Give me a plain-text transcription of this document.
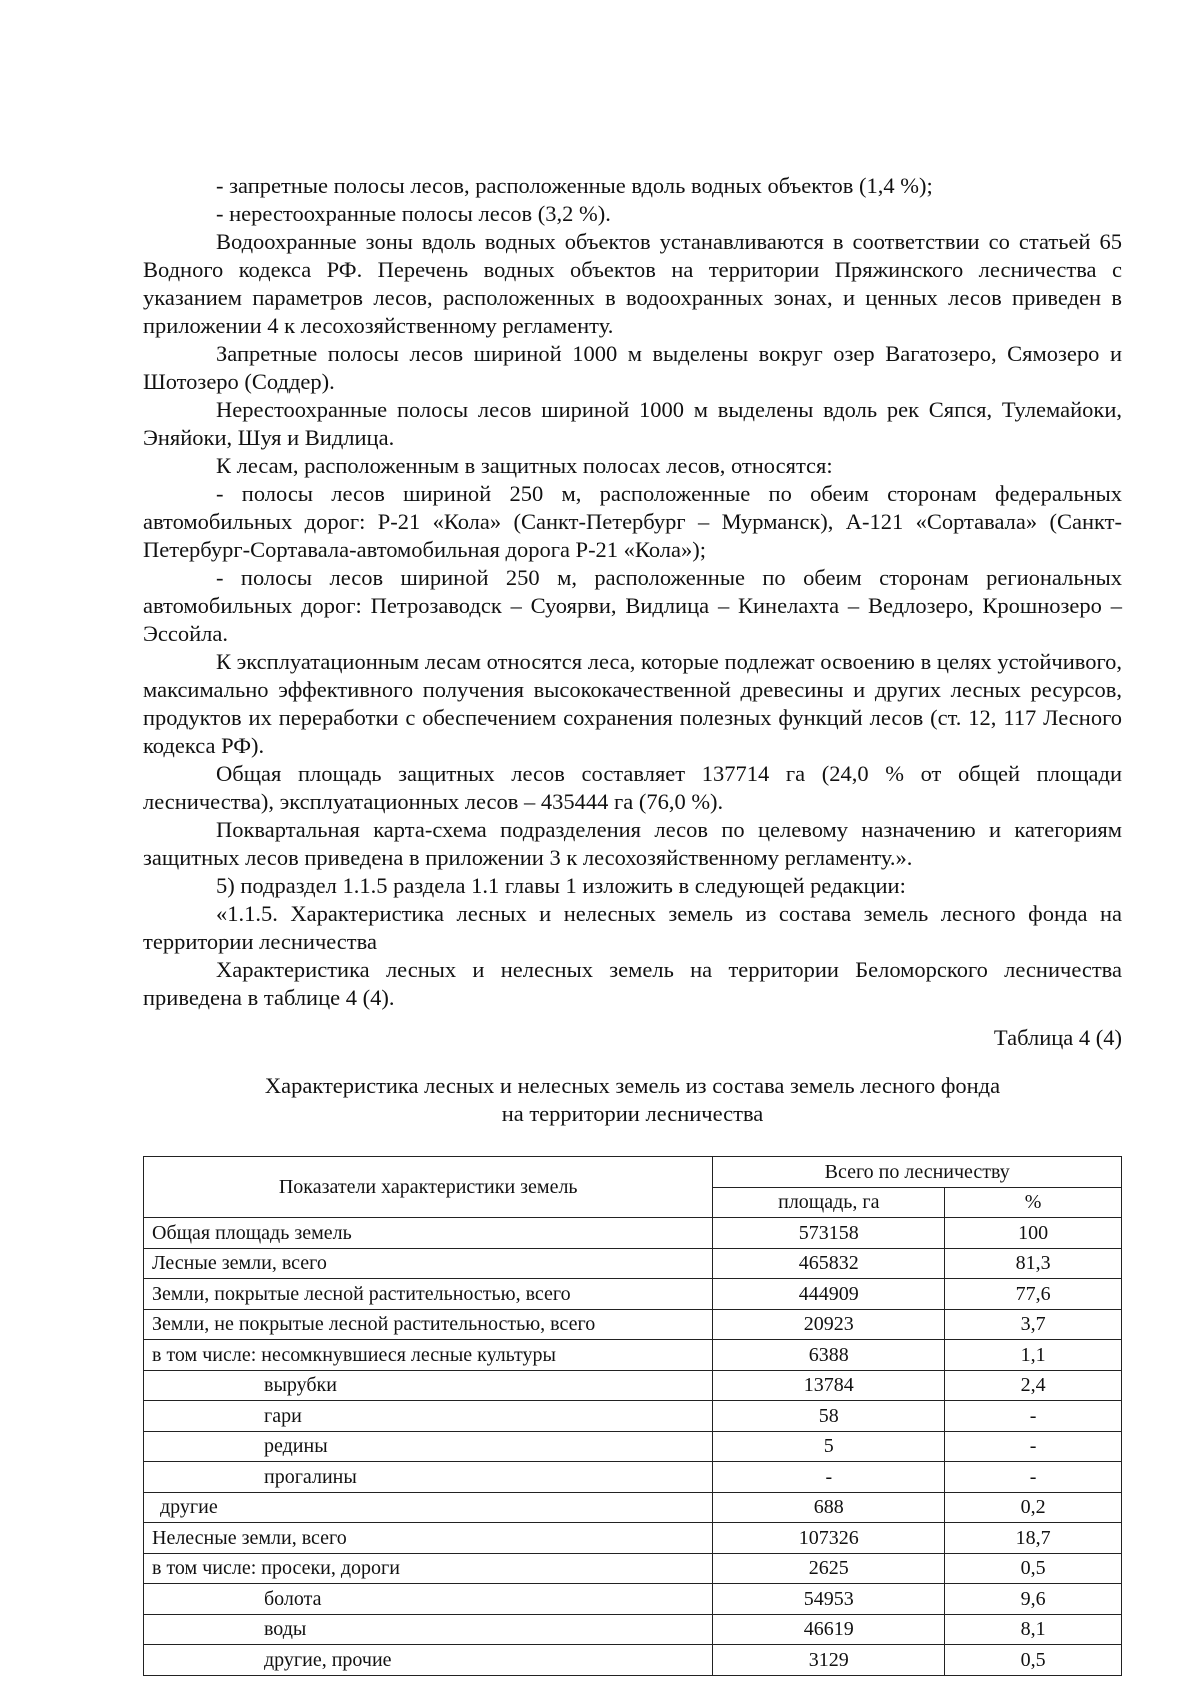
- запретные полосы лесов, расположенные вдоль водных объектов (1,4 %);

- нерестоохранные полосы лесов (3,2 %).

Водоохранные зоны вдоль водных объектов устанавливаются в соответствии со статьей 65 Водного кодекса РФ. Перечень водных объектов на территории Пряжинского лесничества с указанием параметров лесов, расположенных в водоохранных зонах, и ценных лесов приведен в приложении 4 к лесохозяйственному регламенту.

Запретные полосы лесов шириной 1000 м выделены вокруг озер Вагатозеро, Сямозеро и Шотозеро (Соддер).

Нерестоохранные полосы лесов шириной 1000 м выделены вдоль рек Сяпся, Тулемайоки, Эняйоки, Шуя и Видлица.

К лесам, расположенным в защитных полосах лесов, относятся:

- полосы лесов шириной 250 м, расположенные по обеим сторонам федеральных автомобильных дорог: Р-21 «Кола» (Санкт-Петербург – Мурманск), А-121 «Сортавала» (Санкт-Петербург-Сортавала-автомобильная дорога Р-21 «Кола»);

- полосы лесов шириной 250 м, расположенные по обеим сторонам региональных автомобильных дорог: Петрозаводск – Суоярви, Видлица – Кинелахта – Ведлозеро, Крошнозеро – Эссойла.

К эксплуатационным лесам относятся леса, которые подлежат освоению в целях устойчивого, максимально эффективного получения высококачественной древесины и других лесных ресурсов, продуктов их переработки с обеспечением сохранения полезных функций лесов (ст. 12, 117 Лесного кодекса РФ).

Общая площадь защитных лесов составляет 137714 га (24,0 % от общей площади лесничества), эксплуатационных лесов – 435444 га (76,0 %).

Поквартальная карта-схема подразделения лесов по целевому назначению и категориям защитных лесов приведена в приложении 3 к лесохозяйственному регламенту.».

5) подраздел 1.1.5 раздела 1.1 главы 1 изложить в следующей редакции:

«1.1.5. Характеристика лесных и нелесных земель из состава земель лесного фонда на территории лесничества

Характеристика лесных и нелесных земель на территории Беломорского лесничества приведена в таблице 4 (4).

Таблица 4 (4)
Характеристика лесных и нелесных земель из состава земель лесного фонда
на территории лесничества
Показатели характеристики земель	Всего по лесничеству	
	площадь, га	%
Общая площадь земель	573158	100
Лесные земли, всего	465832	81,3
Земли, покрытые лесной растительностью, всего	444909	77,6
Земли, не покрытые лесной растительностью, всего	20923	3,7
в том числе: несомкнувшиеся лесные культуры	6388	1,1
вырубки	13784	2,4
гари	58	-
редины	5	-
прогалины	-	-
другие	688	0,2
Нелесные земли, всего	107326	18,7
в том числе: просеки, дороги	2625	0,5
болота	54953	9,6
воды	46619	8,1
другие, прочие	3129	0,5
